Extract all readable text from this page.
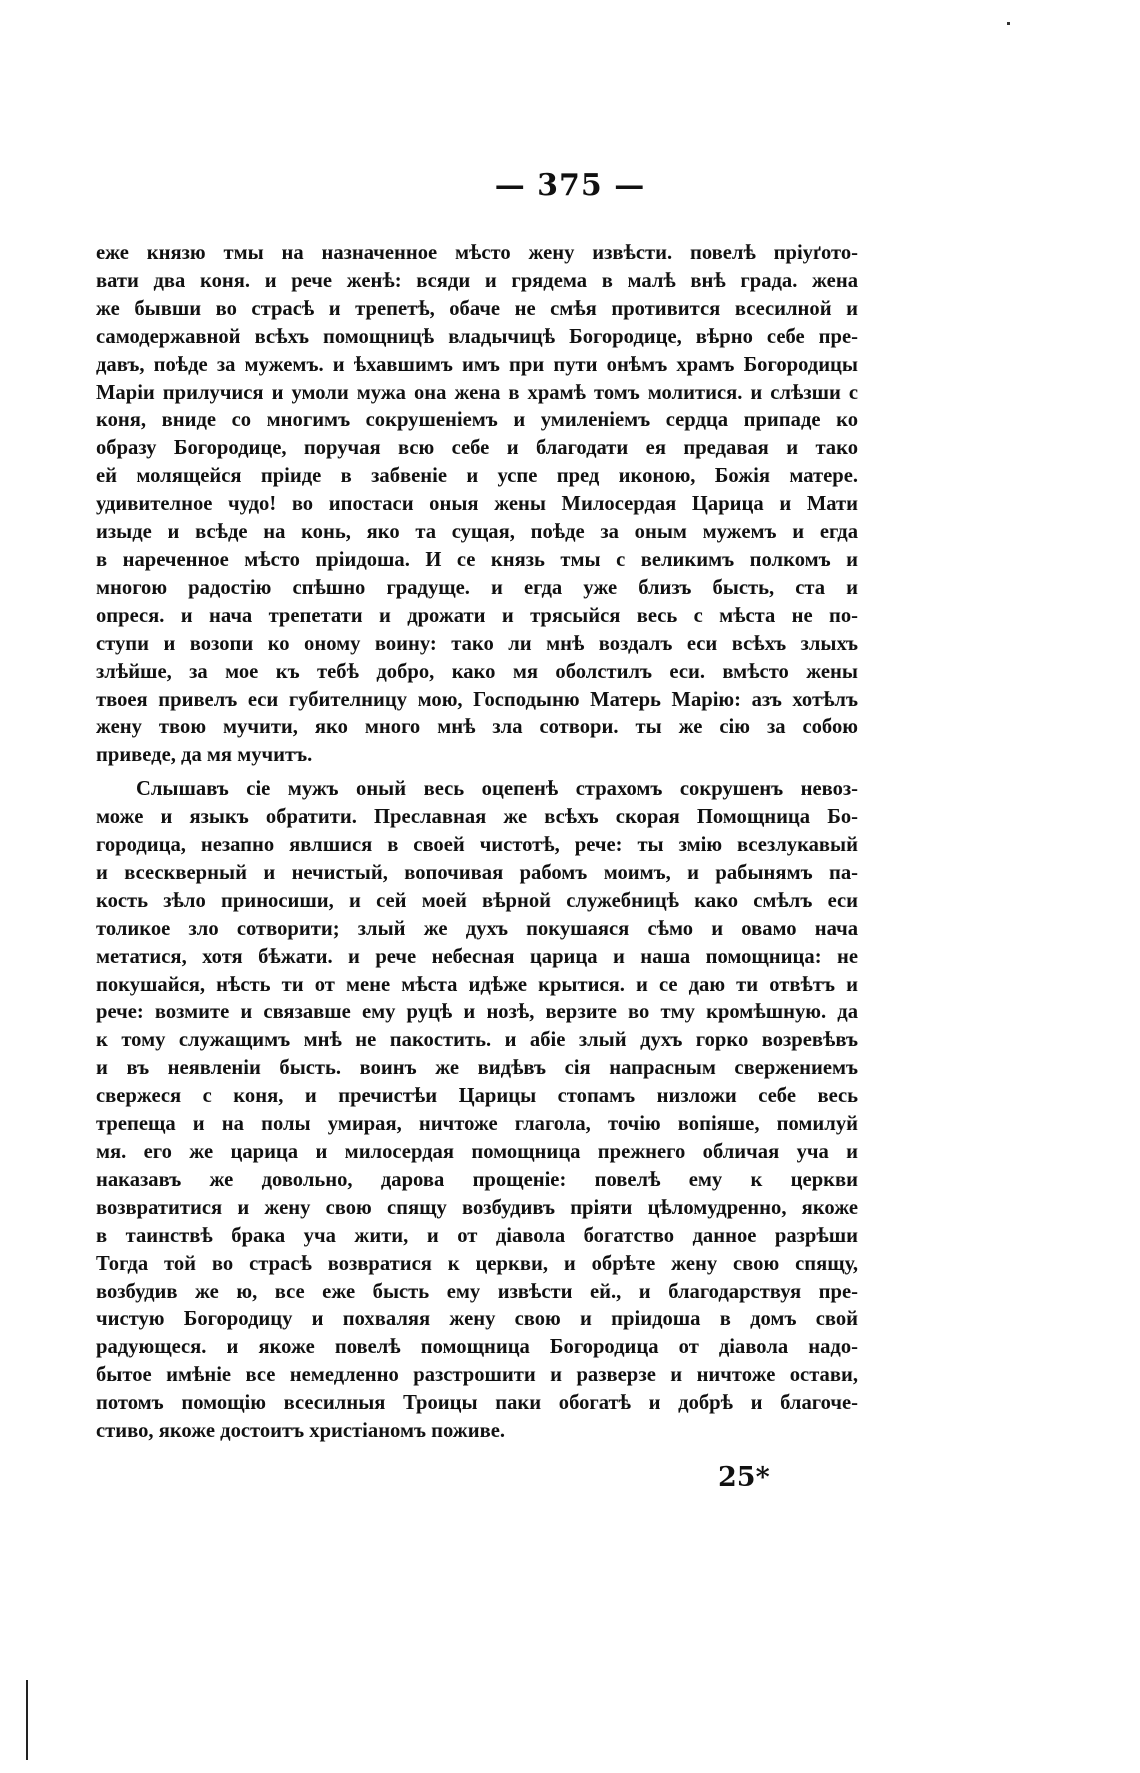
— 375 —
еже князю тмы на назначенное мѣсто жену извѣсти. повелѣ пріуґото-
вати два коня. и рече женѣ: всяди и грядема в малѣ внѣ града. жена
же бывши во страсѣ и трепетѣ, обаче не смѣя противится всесилной и
самодержавной всѣхъ помощницѣ владычицѣ Богородице, вѣрно себе пре-
давъ, поѣде за мужемъ. и ѣхавшимъ имъ при пути онѣмъ храмъ Богородицы
Маріи прилучися и умоли мужа она жена в храмѣ томъ молитися. и слѣзши с
коня, вниде со многимъ сокрушеніемъ и умиленіемъ сердца припаде ко
образу Богородице, поручая всю себе и благодати ея предавая и тако
ей молящейся пріиде в забвеніе и успе пред иконою, Божія матере.
удивителное чудо! во ипостаси оныя жены Милосердая Царица и Мати
изыде и всѣде на конь, яко та сущая, поѣде за оным мужемъ и егда
в нареченное мѣсто пріидоша. И се князь тмы с великимъ полкомъ и
многою радостію спѣшно градуще. и егда уже близъ бысть, ста и
опреся. и нача трепетати и дрожати и трясыйся весь с мѣста не по-
ступи и возопи ко оному воину: тако ли мнѣ воздалъ еси всѣхъ злыхъ
злѣйше, за мое къ тебѣ добро, како мя оболстилъ еси. вмѣсто жены
твоея привелъ еси губителницу мою, Господыню Матерь Марію: азъ хотѣлъ
жену твою мучити, яко много мнѣ зла сотвори. ты же сію за собою
приведе, да мя мучитъ.
Слышавъ сіе мужъ оный весь оцепенѣ страхомъ сокрушенъ невоз-
може и языкъ обратити. Преславная же всѣхъ скорая Помощница Бо-
городица, незапно явлшися в своей чистотѣ, рече: ты змію всезлукавый
и всескверный и нечистый, вопочивая рабомъ моимъ, и рабынямъ па-
кость зѣло приносиши, и сей моей вѣрной служебницѣ како смѣлъ еси
толикое зло сотворити; злый же духъ покушаяся сѣмо и овамо нача
метатися, хотя бѣжати. и рече небесная царица и наша помощница: не
покушайся, нѣсть ти от мене мѣста идѣже крытися. и се даю ти отвѣтъ и
рече: возмите и связавше ему руцѣ и нозѣ, верзите во тму кромѣшную. да
к тому служащимъ мнѣ не пакостить. и абіе злый духъ горко возревѣвъ
и въ неявленіи бысть. воинъ же видѣвъ сія напрасным свержениемъ
свержеся с коня, и пречистѣи Царицы стопамъ низложи себе весь
трепеща и на полы умирая, ничтоже глагола, точію вопіяше, помилуй
мя. его же царица и милосердая помощница прежнего обличая уча и
наказавъ же довольно, дарова прощеніе: повелѣ ему к церкви
возвратитися и жену свою спящу возбудивъ пріяти цѣломудренно, якоже
в таинствѣ брака уча жити, и от діавола богатство данное разрѣши
Тогда той во страсѣ возвратися к церкви, и обрѣте жену свою спящу,
возбудив же ю, все еже бысть ему извѣсти ей., и благодарствуя пре-
чистую Богородицу и похваляя жену свою и пріидоша в домъ свой
радующеся. и якоже повелѣ помощница Богородица от діавола надо-
бытое имѣніе все немедленно разстрошити и разверзе и ничтоже остави,
потомъ помощію всесилныя Троицы паки обогатѣ и добрѣ и благоче-
стиво, якоже достоитъ христіаномъ поживе.
25*
